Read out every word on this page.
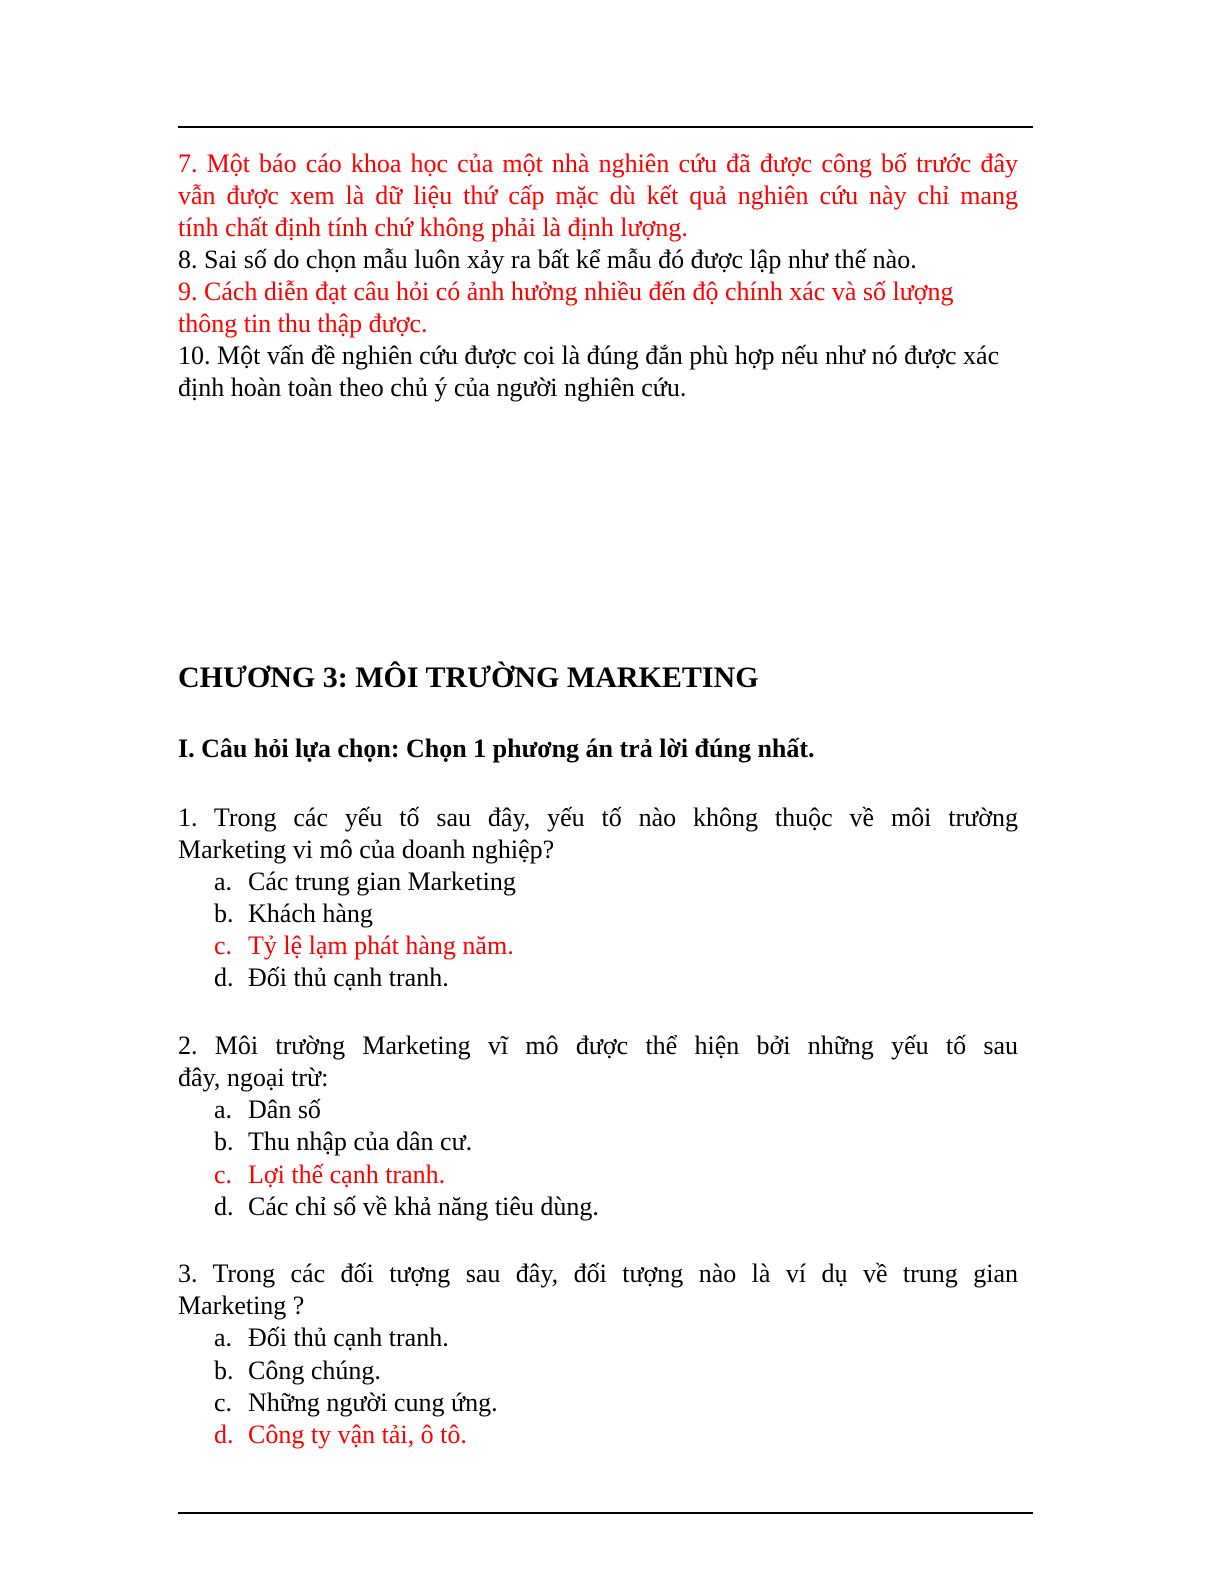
7. Một báo cáo khoa học của một nhà nghiên cứu đã được công bố trước đây
vẫn được xem là dữ liệu thứ cấp mặc dù kết quả nghiên cứu này chỉ mang
tính chất định tính chứ không phải là định lượng.
8. Sai số do chọn mẫu luôn xảy ra bất kể mẫu đó được lập như thế nào.
9. Cách diễn đạt câu hỏi có ảnh hưởng nhiều đến độ chính xác và số lượng
thông tin thu thập được.
10. Một vấn đề nghiên cứu được coi là đúng đắn phù hợp nếu như nó được xác
định hoàn toàn theo chủ ý của người nghiên cứu.
CHƯƠNG 3: MÔI TRƯỜNG MARKETING
I. Câu hỏi lựa chọn: Chọn 1 phương án trả lời đúng nhất.
1. Trong các yếu tố sau đây, yếu tố nào không thuộc về môi trường
Marketing vi mô của doanh nghiệp?
a. Các trung gian Marketing
b. Khách hàng
c. Tỷ lệ lạm phát hàng năm.
d. Đối thủ cạnh tranh.
2. Môi trường Marketing vĩ mô được thể hiện bởi những yếu tố sau
đây, ngoại trừ:
a. Dân số
b. Thu nhập của dân cư.
c. Lợi thế cạnh tranh.
d. Các chỉ số về khả năng tiêu dùng.
3. Trong các đối tượng sau đây, đối tượng nào là ví dụ về trung gian
Marketing ?
a. Đối thủ cạnh tranh.
b. Công chúng.
c. Những người cung ứng.
d. Công ty vận tải, ô tô.
